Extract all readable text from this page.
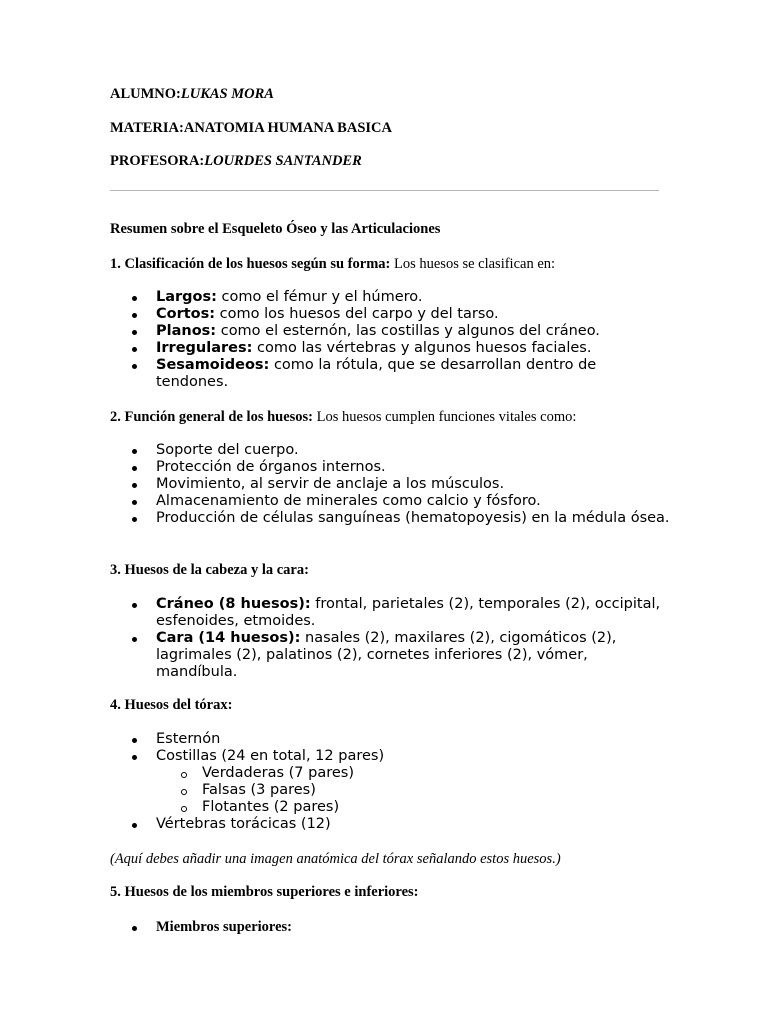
ALUMNO:LUKAS MORA
MATERIA:ANATOMIA HUMANA BASICA
PROFESORA:LOURDES SANTANDER
Resumen sobre el Esqueleto Óseo y las Articulaciones
1. Clasificación de los huesos según su forma: Los huesos se clasifican en:
Largos: como el fémur y el húmero.
Cortos: como los huesos del carpo y del tarso.
Planos: como el esternón, las costillas y algunos del cráneo.
Irregulares: como las vértebras y algunos huesos faciales.
Sesamoideos: como la rótula, que se desarrollan dentro de tendones.
2. Función general de los huesos: Los huesos cumplen funciones vitales como:
Soporte del cuerpo.
Protección de órganos internos.
Movimiento, al servir de anclaje a los músculos.
Almacenamiento de minerales como calcio y fósforo.
Producción de células sanguíneas (hematopoyesis) en la médula ósea.
3. Huesos de la cabeza y la cara:
Cráneo (8 huesos): frontal, parietales (2), temporales (2), occipital, esfenoides, etmoides.
Cara (14 huesos): nasales (2), maxilares (2), cigomáticos (2), lagrimales (2), palatinos (2), cornetes inferiores (2), vómer, mandíbula.
4. Huesos del tórax:
Esternón
Costillas (24 en total, 12 pares)
Verdaderas (7 pares)
Falsas (3 pares)
Flotantes (2 pares)
Vértebras torácicas (12)
(Aquí debes añadir una imagen anatómica del tórax señalando estos huesos.)
5. Huesos de los miembros superiores e inferiores:
Miembros superiores:
